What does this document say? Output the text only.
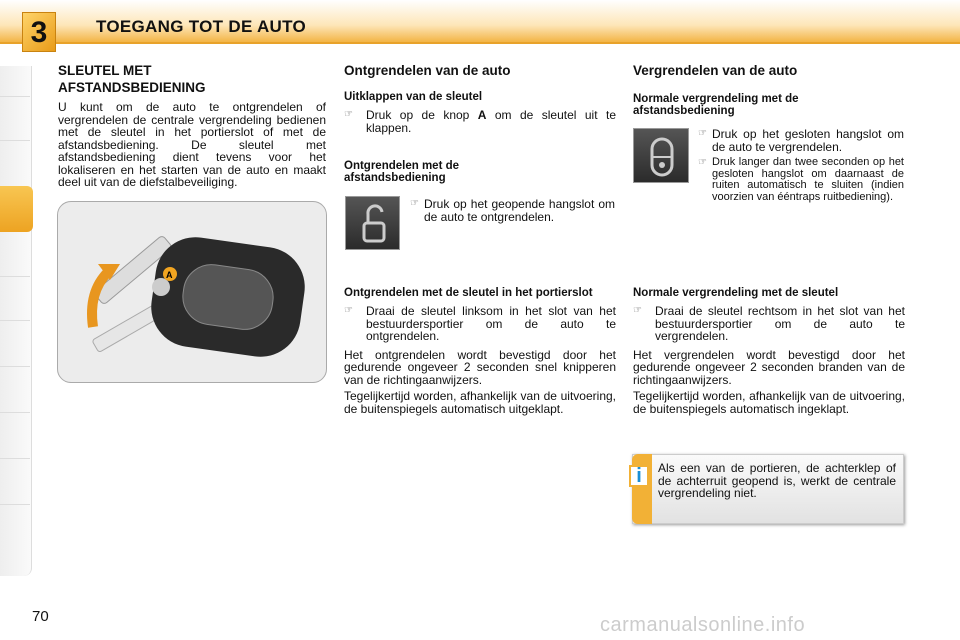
3	TOEGANG TOT DE AUTO
SLEUTEL MET
AFSTANDSBEDIENING

U kunt om de auto te ontgrendelen of vergrendelen de centrale vergrendeling bedienen met de sleutel in het portierslot of met de afstandsbediening. De sleutel met afstandsbediening dient tevens voor het lokaliseren en het starten van de auto en maakt deel uit van de diefstalbeveiliging.

A
Ontgrendelen van de auto
Uitklappen van de sleutel
☞	Druk op de knop A om de sleutel uit te klappen.
Ontgrendelen met de afstandsbediening
☞ Druk op het geopende hangslot om de auto te ontgrendelen.
Ontgrendelen met de sleutel in het portierslot
☞	Draai de sleutel linksom in het slot van het bestuurdersportier om de auto te ontgrendelen.

Het ontgrendelen wordt bevestigd door het gedurende ongeveer 2 seconden snel knipperen van de richtingaanwijzers.

Tegelijkertijd worden, afhankelijk van de uitvoering, de buitenspiegels automatisch uitgeklapt.

Vergrendelen van de auto
Normale vergrendeling met de afstandsbediening
☞ Druk op het gesloten hangslot om de auto te vergrendelen.
☞ Druk langer dan twee seconden op het gesloten hangslot om daarnaast de ruiten automatisch te sluiten (indien voorzien van ééntraps ruitbediening).
Normale vergrendeling met de sleutel
☞	Draai de sleutel rechtsom in het slot van het bestuurdersportier om de auto te vergrendelen.

Het vergrendelen wordt bevestigd door het gedurende ongeveer 2 seconden branden van de richtingaanwijzers.

Tegelijkertijd worden, afhankelijk van de uitvoering, de buitenspiegels automatisch ingeklapt.

i	Als een van de portieren, de achterklep of de achterruit geopend is, werkt de centrale vergrendeling niet.

70	carmanualsonline.info
